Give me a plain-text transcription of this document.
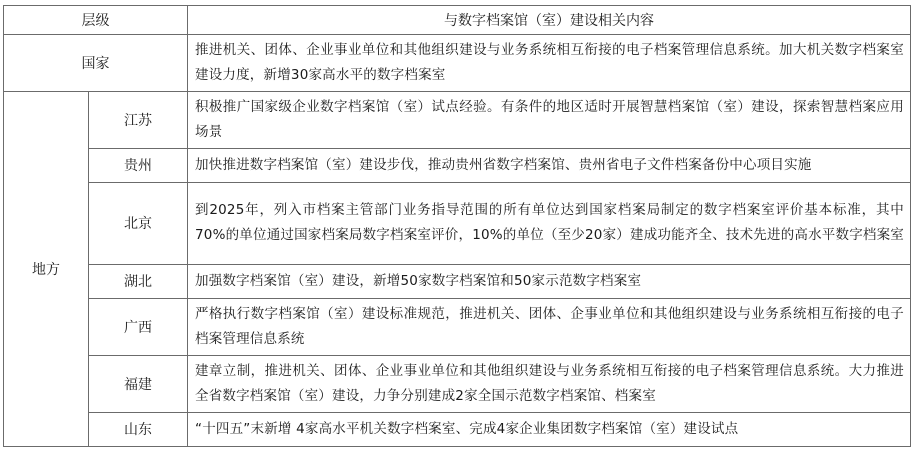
层级		与数字档案馆（室）建设相关内容
国家		推进机关、团体、企业事业单位和其他组织建设与业务系统相互衔接的电子档案管理信息系统。加大机关数字档案室建设力度，新增30家高水平的数字档案室
地方	江苏	积极推广国家级企业数字档案馆（室）试点经验。有条件的地区适时开展智慧档案馆（室）建设，探索智慧档案应用场景
	贵州	加快推进数字档案馆（室）建设步伐，推动贵州省数字档案馆、贵州省电子文件档案备份中心项目实施
	北京	到2025年，列入市档案主管部门业务指导范围的所有单位达到国家档案局制定的数字档案室评价基本标准，其中70%的单位通过国家档案局数字档案室评价，10%的单位（至少20家）建成功能齐全、技术先进的高水平数字档案室
	湖北	加强数字档案馆（室）建设，新增50家数字档案馆和50家示范数字档案室
	广西	严格执行数字档案馆（室）建设标准规范，推进机关、团体、企事业单位和其他组织建设与业务系统相互衔接的电子档案管理信息系统
	福建	建章立制，推进机关、团体、企业事业单位和其他组织建设与业务系统相互衔接的电子档案管理信息系统。大力推进全省数字档案馆（室）建设，力争分别建成2家全国示范数字档案馆、档案室
	山东	“十四五”末新增 4家高水平机关数字档案室、完成4家企业集团数字档案馆（室）建设试点
